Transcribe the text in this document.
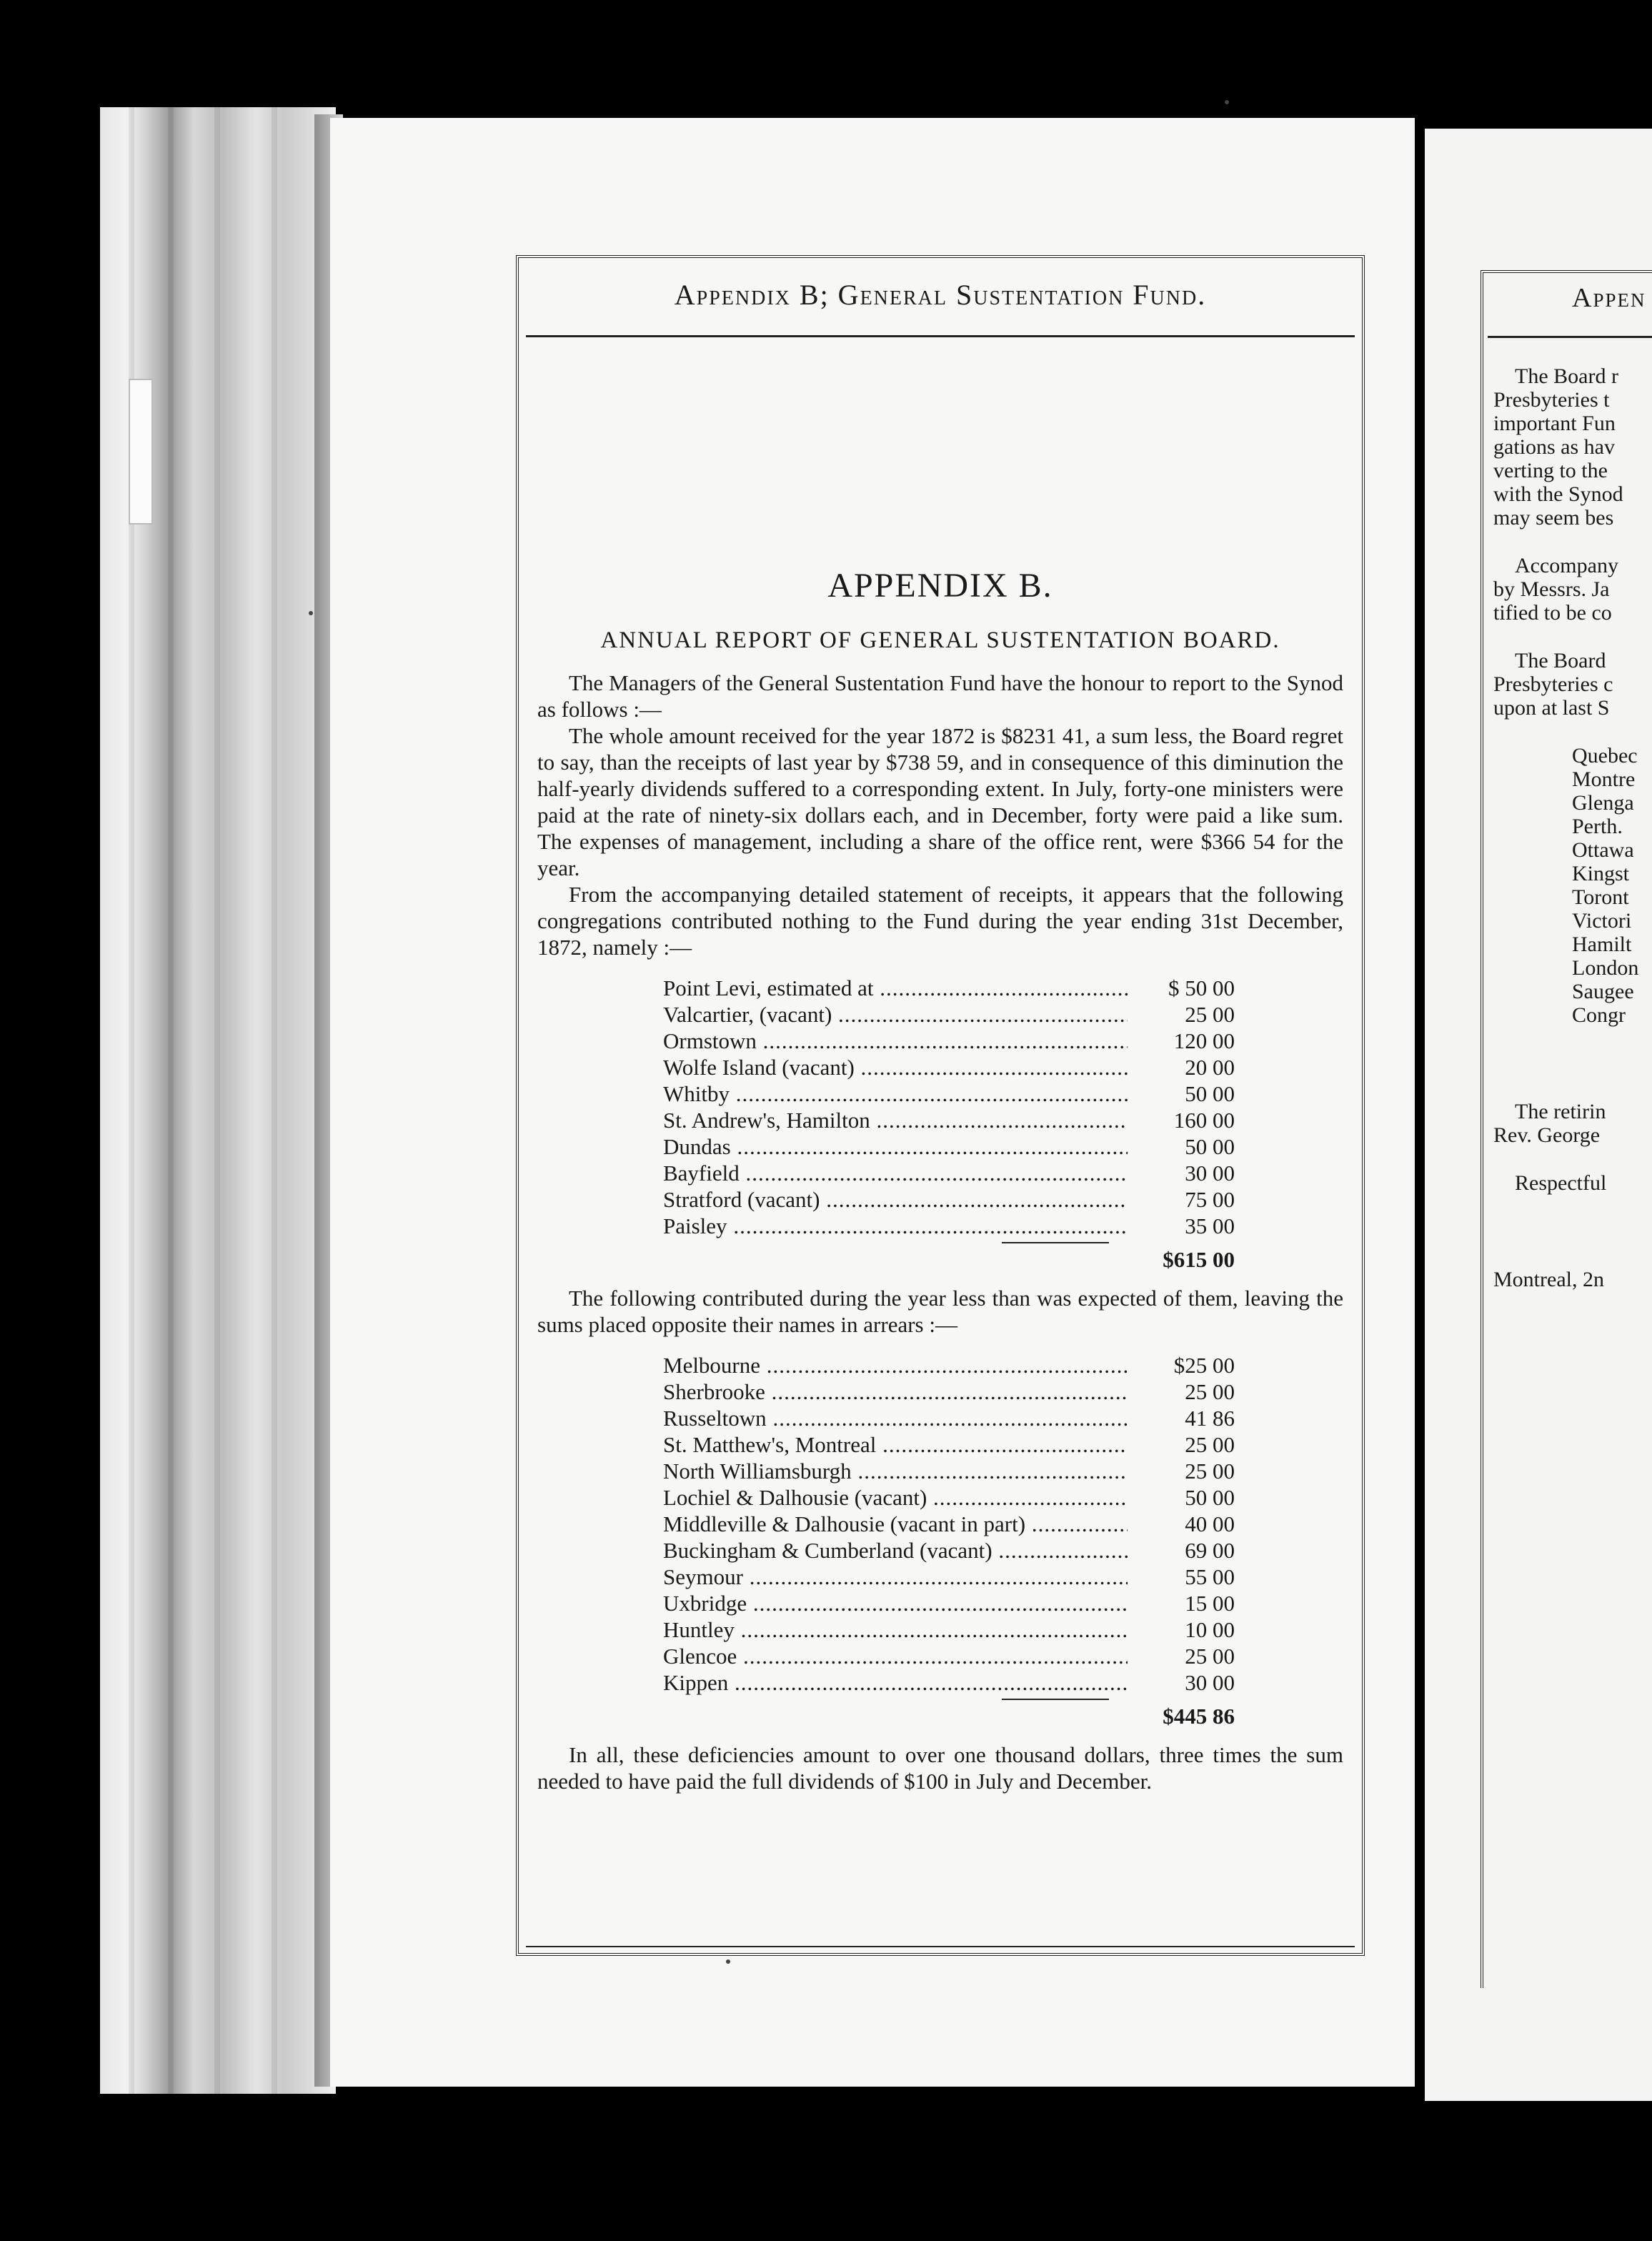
Appendix B; General Sustentation Fund.
APPENDIX B.
ANNUAL REPORT OF GENERAL SUSTENTATION BOARD.

The Managers of the General Sustentation Fund have the honour to report to the Synod as follows :—

The whole amount received for the year 1872 is $8231 41, a sum less, the Board regret to say, than the receipts of last year by $738 59, and in consequence of this diminution the half-yearly dividends suffered to a corresponding extent. In July, forty-one ministers were paid at the rate of ninety-six dollars each, and in December, forty were paid a like sum. The expenses of management, including a share of the office rent, were $366 54 for the year.

From the accompanying detailed statement of receipts, it appears that the following congregations contributed nothing to the Fund during the year ending 31st December, 1872, namely :—

Point Levi, estimated at .....	$ 50 00
Valcartier, (vacant) .....	25 00
Ormstown .....	120 00
Wolfe Island (vacant) .....	20 00
Whitby .....	50 00
St. Andrew's, Hamilton .....	160 00
Dundas .....	50 00
Bayfield .....	30 00
Stratford (vacant) .....	75 00
Paisley .....	35 00
$615 00

The following contributed during the year less than was expected of them, leaving the sums placed opposite their names in arrears :—

Melbourne .....	$25 00
Sherbrooke .....	25 00
Russeltown .....	41 86
St. Matthew's, Montreal .....	25 00
North Williamsburgh .....	25 00
Lochiel & Dalhousie (vacant) .....	50 00
Middleville & Dalhousie (vacant in part) .....	40 00
Buckingham & Cumberland (vacant) .....	69 00
Seymour .....	55 00
Uxbridge .....	15 00
Huntley .....	10 00
Glencoe .....	25 00
Kippen .....	30 00
$445 86

In all, these deficiencies amount to over one thousand dollars, three times the sum needed to have paid the full dividends of $100 in July and December.

Appen
The Board r
Presbyteries t
important Fun
gations as hav
verting to the
with the Synod
may seem bes
Accompany
by Messrs. Ja
tified to be co
The Board
Presbyteries c
upon at last S
Quebec
Montre
Glenga
Perth.
Ottawa
Kingst
Toront
Victori
Hamilt
London
Saugee
Congr
The retirin
Rev. George
Respectful
Montreal, 2n
